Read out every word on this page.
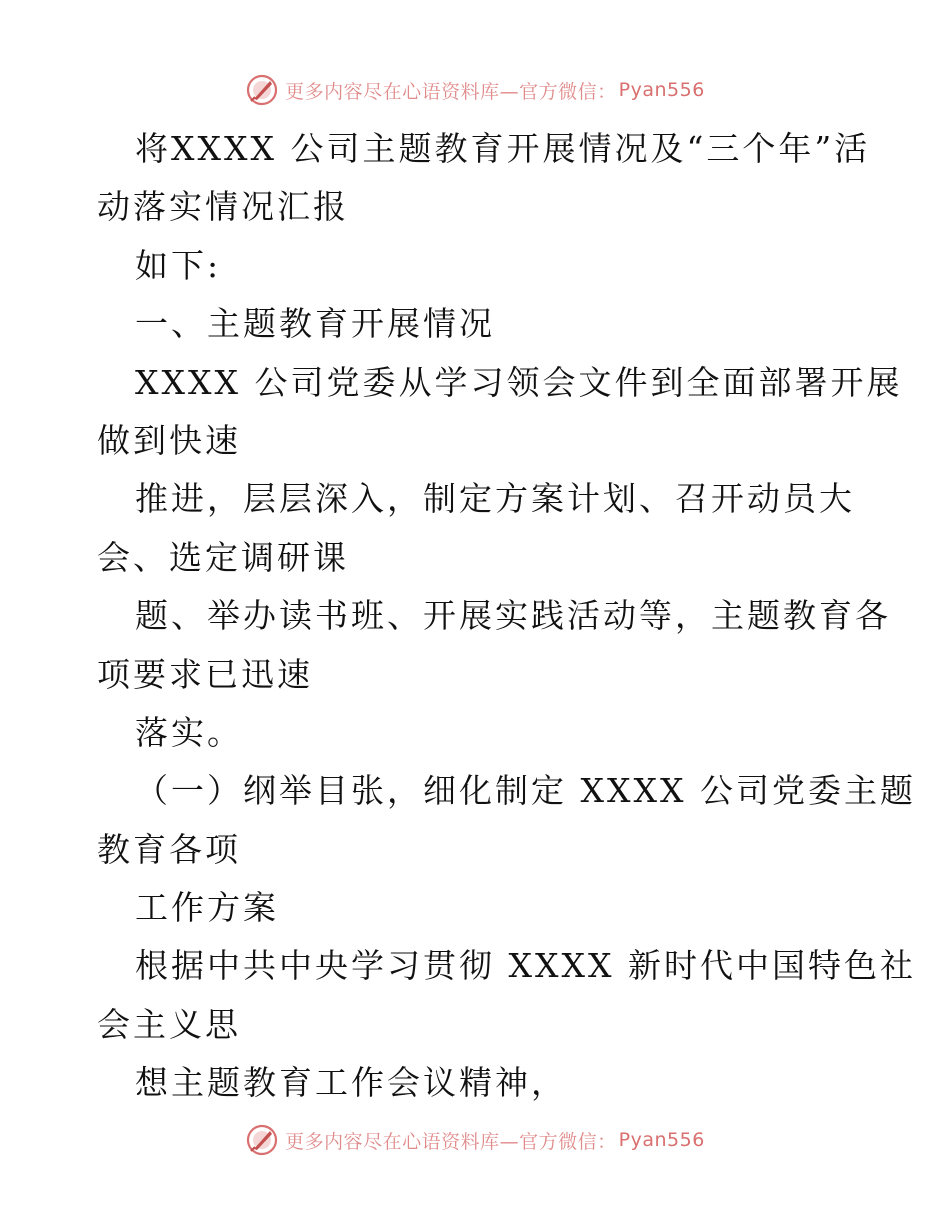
更多内容尽在心语资料库—官方微信： Pyan556
将XXXX 公司主题教育开展情况及“三个年”活
动落实情况汇报
如下:
一、主题教育开展情况
XXXX 公司党委从学习领会文件到全面部署开展
做到快速
推进，层层深入，制定方案计划、召开动员大
会、选定调研课
题、举办读书班、开展实践活动等，主题教育各
项要求已迅速
落实。
（一）纲举目张，细化制定 XXXX 公司党委主题
教育各项
工作方案
根据中共中央学习贯彻 XXXX 新时代中国特色社
会主义思
想主题教育工作会议精神，
更多内容尽在心语资料库—官方微信： Pyan556
